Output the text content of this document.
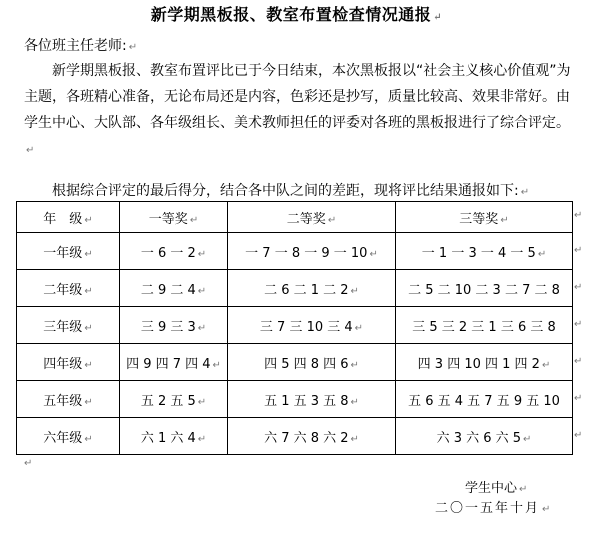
新学期黑板报、教室布置检查情况通报 ↵
各位班主任老师: ↵

新学期黑板报、教室布置评比已于今日结束，本次黑板报以“社会主义核心价值观”为主题，各班精心准备，无论布局还是内容，色彩还是抄写，质量比较高、效果非常好。由学生中心、大队部、各年级组长、美术教师担任的评委对各班的黑板报进行了综合评定。↵

根据综合评定的最后得分，结合各中队之间的差距，现将评比结果通报如下: ↵

年　级 ↵	一等奖 ↵	二等奖 ↵	三等奖 ↵
一年级 ↵	一 6 一 2 ↵	一 7 一 8 一 9 一 10 ↵	一 1 一 3 一 4 一 5 ↵
二年级 ↵	二 9 二 4 ↵	二 6 二 1 二 2 ↵	二 5 二 10 二 3 二 7 二 8
三年级 ↵	三 9 三 3 ↵	三 7 三 10 三 4 ↵	三 5 三 2 三 1 三 6 三 8
四年级 ↵	四 9 四 7 四 4 ↵	四 5 四 8 四 6 ↵	四 3 四 10 四 1 四 2 ↵
五年级 ↵	五 2 五 5 ↵	五 1 五 3 五 8 ↵	五 6 五 4 五 7 五 9 五 10
六年级 ↵	六 1 六 4 ↵	六 7 六 8 六 2 ↵	六 3 六 6 六 5 ↵
↵
↵
↵
↵
↵
↵
↵
↵
学生中心 ↵
二〇一五年十月 ↵
